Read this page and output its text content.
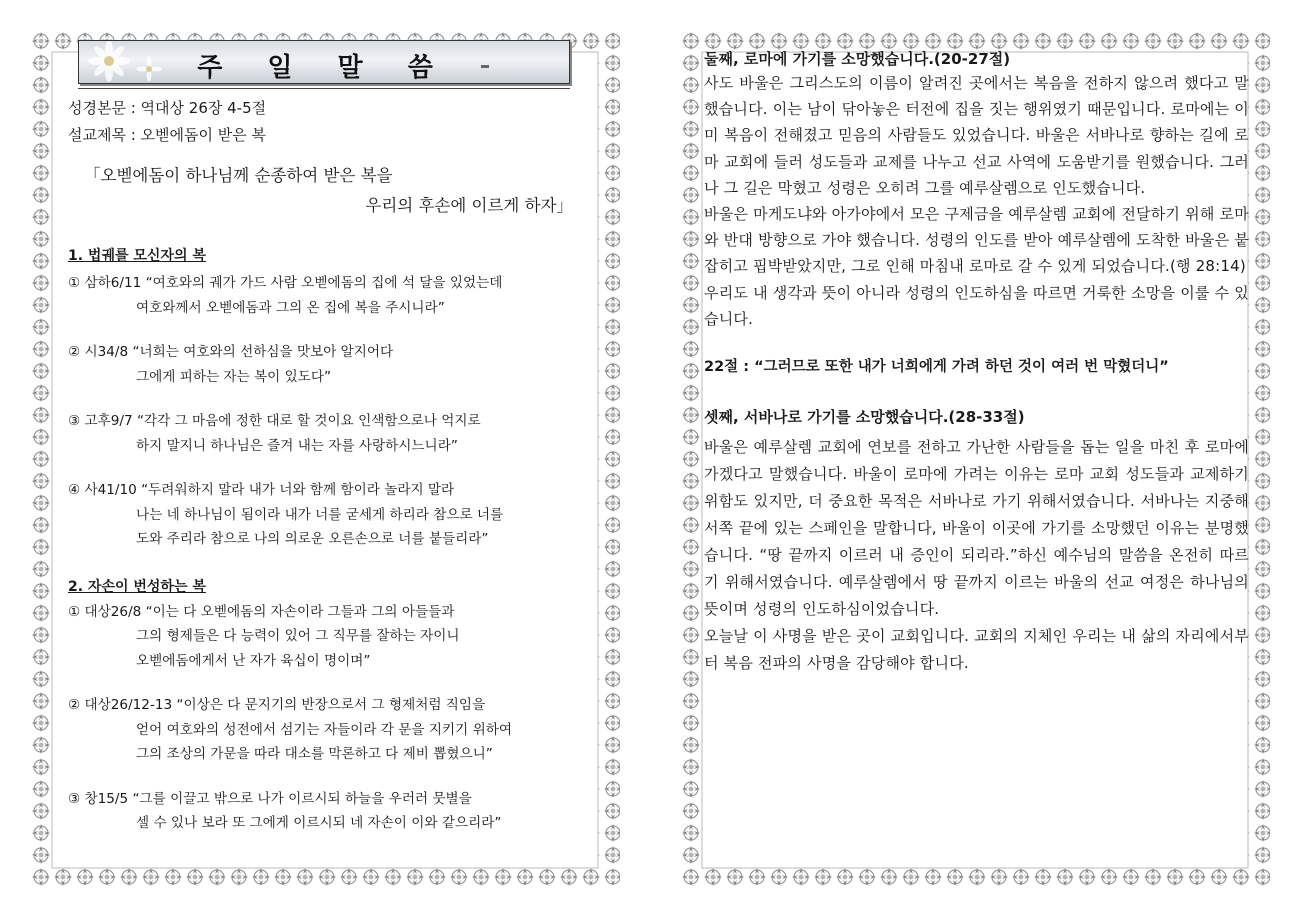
주 일 말 씀
성경본문 : 역대상 26장 4-5절
설교제목 : 오벧에돔이 받은 복
「오벧에돔이 하나님께 순종하여 받은 복을
우리의 후손에 이르게 하자」
1. 법궤를 모신자의 복
① 삼하6/11 “여호와의 궤가 가드 사람 오벧에돔의 집에 석 달을 있었는데
여호와께서 오벧에돔과 그의 온 집에 복을 주시니라”
② 시34/8 “너희는 여호와의 선하심을 맛보아 알지어다
그에게 피하는 자는 복이 있도다”
③ 고후9/7 “각각 그 마음에 정한 대로 할 것이요 인색함으로나 억지로
하지 말지니 하나님은 즐겨 내는 자를 사랑하시느니라”
④ 사41/10 “두려워하지 말라 내가 너와 함께 함이라 놀라지 말라
나는 네 하나님이 됨이라 내가 너를 굳세게 하리라 참으로 너를
도와 주리라 참으로 나의 의로운 오른손으로 너를 붙들리라”
2. 자손이 번성하는 복
① 대상26/8 “이는 다 오벧에돔의 자손이라 그들과 그의 아들들과
그의 형제들은 다 능력이 있어 그 직무를 잘하는 자이니
오벧에돔에게서 난 자가 육십이 명이며”
② 대상26/12-13 “이상은 다 문지기의 반장으로서 그 형제처럼 직임을
얻어 여호와의 성전에서 섬기는 자들이라 각 문을 지키기 위하여
그의 조상의 가문을 따라 대소를 막론하고 다 제비 뽑혔으니”
③ 창15/5 “그를 이끌고 밖으로 나가 이르시되 하늘을 우러러 뭇별을
셀 수 있나 보라 또 그에게 이르시되 네 자손이 이와 같으리라”
둘째, 로마에 가기를 소망했습니다.(20-27절)
사도 바울은 그리스도의 이름이 알려진 곳에서는 복음을 전하지 않으려 했다고 말했습니다. 이는 남이 닦아놓은 터전에 집을 짓는 행위였기 때문입니다. 로마에는 이미 복음이 전해졌고 믿음의 사람들도 있었습니다. 바울은 서바나로 향하는 길에 로마 교회에 들러 성도들과 교제를 나누고 선교 사역에 도움받기를 원했습니다. 그러나 그 길은 막혔고 성령은 오히려 그를 예루살렘으로 인도했습니다.
바울은 마게도냐와 아가야에서 모은 구제금을 예루살렘 교회에 전달하기 위해 로마와 반대 방향으로 가야 했습니다. 성령의 인도를 받아 예루살렘에 도착한 바울은 붙잡히고 핍박받았지만, 그로 인해 마침내 로마로 갈 수 있게 되었습니다.(행 28:14)
우리도 내 생각과 뜻이 아니라 성령의 인도하심을 따르면 거룩한 소망을 이룰 수 있습니다.
22절 : “그러므로 또한 내가 너희에게 가려 하던 것이 여러 번 막혔더니”
셋째, 서바나로 가기를 소망했습니다.(28-33절)
바울은 예루살렘 교회에 연보를 전하고 가난한 사람들을 돕는 일을 마친 후 로마에 가겠다고 말했습니다. 바울이 로마에 가려는 이유는 로마 교회 성도들과 교제하기 위함도 있지만, 더 중요한 목적은 서바나로 가기 위해서였습니다. 서바나는 지중해 서쪽 끝에 있는 스페인을 말합니다, 바울이 이곳에 가기를 소망했던 이유는 분명했습니다. “땅 끝까지 이르러 내 증인이 되리라.”하신 예수님의 말씀을 온전히 따르기 위해서였습니다. 예루살렘에서 땅 끝까지 이르는 바울의 선교 여정은 하나님의 뜻이며 성령의 인도하심이었습니다.
오늘날 이 사명을 받은 곳이 교회입니다. 교회의 지체인 우리는 내 삶의 자리에서부터 복음 전파의 사명을 감당해야 합니다.
